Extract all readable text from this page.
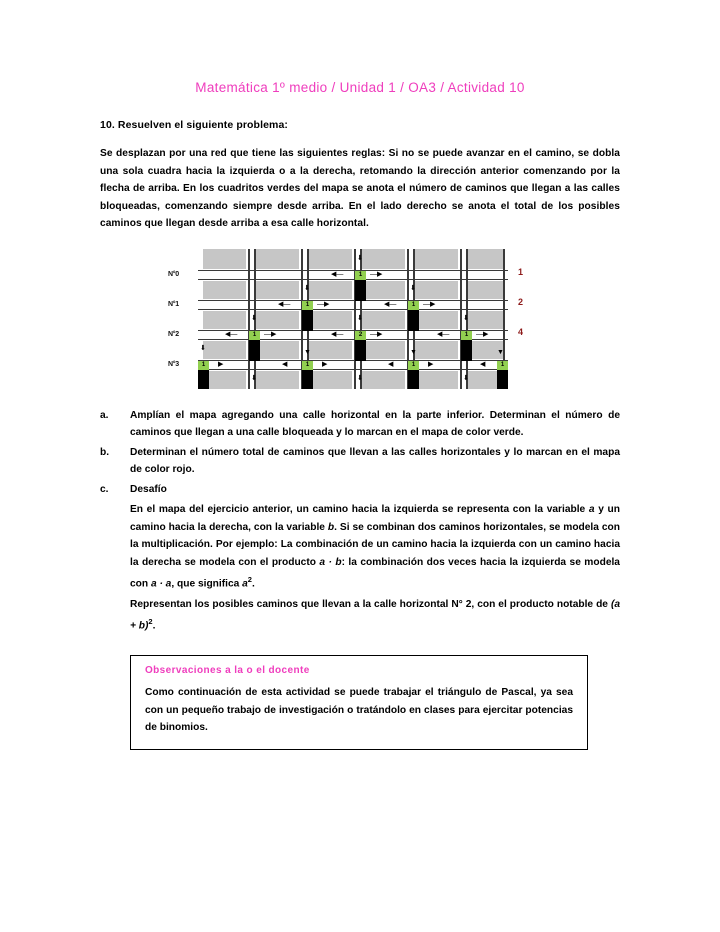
Matemática 1º medio / Unidad 1 / OA3 / Actividad 10
10. Resuelven el siguiente problema:
Se desplazan por una red que tiene las siguientes reglas: Si no se puede avanzar en el camino, se dobla una sola cuadra hacia la izquierda o a la derecha, retomando la dirección anterior comenzando por la flecha de arriba. En los cuadritos verdes del mapa se anota el número de caminos que llegan a las calles bloqueadas, comenzando siempre desde arriba. En el lado derecho se anota el total de los posibles caminos que llegan desde arriba a esa calle horizontal.
N°0
N°1
N°2
N°3
1
2
4
1
1	1
1	2	1
1	1	1	1
⬇
◀—	—▶
⬇	⬇
◀—	—▶	◀—	—▶
⬇	⬇	⬇
◀—	—▶	◀—	—▶	◀—	—▶
⬇
▼	▼	▼
▶	◀	▶	◀	▶	◀
⬇	⬇	⬇
a.	Amplían el mapa agregando una calle horizontal en la parte inferior. Determinan el número de caminos que llegan a una calle bloqueada y lo marcan en el mapa de color verde.
b.	Determinan el número total de caminos que llevan a las calles horizontales y lo marcan en el mapa de color rojo.
c.	Desafío
En el mapa del ejercicio anterior, un camino hacia la izquierda se representa con la variable a y un camino hacia la derecha, con la variable b. Si se combinan dos caminos horizontales, se modela con la multiplicación. Por ejemplo: La combinación de un camino hacia la izquierda con un camino hacia la derecha se modela con el producto a · b: la combinación dos veces hacia la izquierda se modela con a · a, que significa $a^2$.
Representan los posibles caminos que llevan a la calle horizontal N° 2, con el producto notable de $(a + b)^2$.
Observaciones a la o el docente
Como continuación de esta actividad se puede trabajar el triángulo de Pascal, ya sea con un pequeño trabajo de investigación o tratándolo en clases para ejercitar potencias de binomios.
